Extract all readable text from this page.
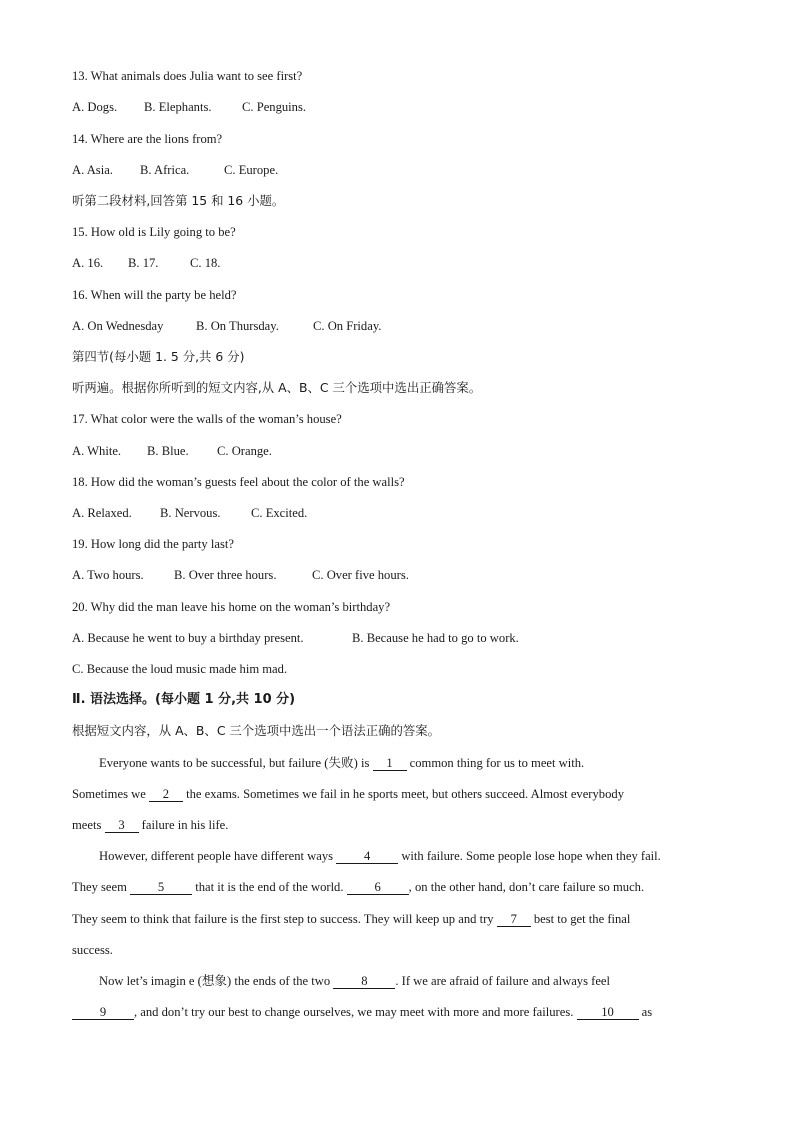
13. What animals does Julia want to see first?
A. Dogs. B. Elephants. C. Penguins.
14. Where are the lions from?
A. Asia. B. Africa.	C. Europe.
听第二段材料,回答第 15 和 16 小题。
15. How old is Lily going to be?
A. 16. B. 17.	C. 18.
16. When will the party be held?
A. On Wednesday	B. On Thursday.	C. On Friday.
第四节(每小题 1. 5 分,共 6 分)
听两遍。根据你所听到的短文内容,从 A、B、C 三个选项中选出正确答案。
17. What color were the walls of the woman’s house?
A. White. B. Blue. C. Orange.
18. How did the woman’s guests feel about the color of the walls?
A. Relaxed. B. Nervous. C. Excited.
19. How long did the party last?
A. Two hours. B. Over three hours.	C. Over five hours.
20. Why did the man leave his home on the woman’s birthday?
A. Because he went to buy a birthday present.	B. Because he had to go to work.
C. Because the loud music made him mad.
Ⅱ. 语法选择。(每小题 1 分,共 10 分)
根据短文内容，从 A、B、C 三个选项中选出一个语法正确的答案。
Everyone wants to be successful, but failure (失败) is 1 common thing for us to meet with.
Sometimes we 2 the exams. Sometimes we fail in he sports meet, but others succeed. Almost everybody
meets 3 failure in his life.
However, different people have different ways 4 with failure. Some people lose hope when they fail.
They seem 5 that it is the end of the world. 6 , on the other hand, don’t care failure so much.
They seem to think that failure is the first step to success. They will keep up and try 7 best to get the final
success.
Now let’s imagin e (想象) the ends of the two 8 . If we are afraid of failure and always feel
9 , and don’t try our best to change ourselves, we may meet with more and more failures. 10 as
